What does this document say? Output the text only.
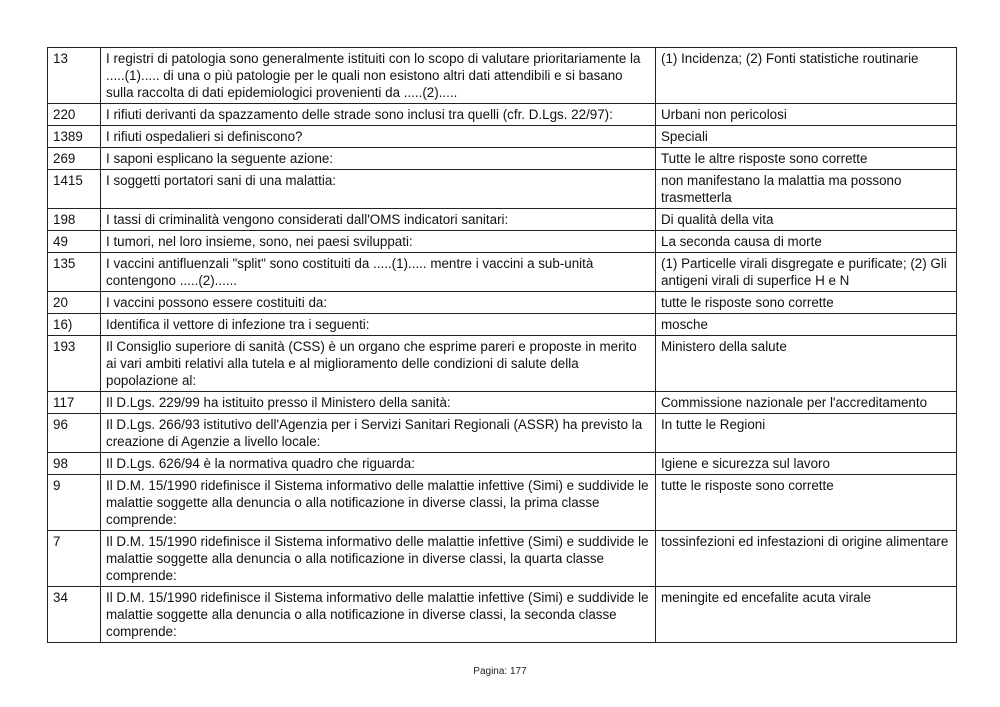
13	I registri di patologia sono generalmente istituiti con lo scopo di valutare prioritariamente la .....(1)..... di una o più patologie per le quali non esistono altri dati attendibili e si basano sulla raccolta di dati epidemiologici provenienti da .....(2).....	(1) Incidenza; (2) Fonti statistiche routinarie
220	I rifiuti derivanti da spazzamento delle strade sono inclusi tra quelli (cfr. D.Lgs. 22/97):	Urbani non pericolosi
1389	I rifiuti ospedalieri si definiscono?	Speciali
269	I saponi esplicano la seguente azione:	Tutte le altre risposte sono corrette
1415	I soggetti portatori sani di una malattia:	non manifestano la malattia ma possono trasmetterla
198	I tassi di criminalità vengono considerati dall'OMS indicatori sanitari:	Di qualità della vita
49	I tumori, nel loro insieme, sono, nei paesi sviluppati:	La seconda causa di morte
135	I vaccini antifluenzali "split" sono costituiti da .....(1)..... mentre i vaccini a sub-unità contengono .....(2)......	(1) Particelle virali disgregate e purificate; (2) Gli antigeni virali di superfice H e N
20	I vaccini possono essere costituiti da:	tutte le risposte sono corrette
16)	Identifica il vettore di infezione tra i seguenti:	mosche
193	Il Consiglio superiore di sanità (CSS) è un organo che esprime pareri e proposte in merito ai vari ambiti relativi alla tutela e al miglioramento delle condizioni di salute della popolazione al:	Ministero della salute
117	Il D.Lgs. 229/99 ha istituito presso il Ministero della sanità:	Commissione nazionale per l'accreditamento
96	Il D.Lgs. 266/93 istitutivo dell'Agenzia per i Servizi Sanitari Regionali (ASSR) ha previsto la creazione di Agenzie a livello locale:	In tutte le Regioni
98	Il D.Lgs. 626/94 è la normativa quadro che riguarda:	Igiene e sicurezza sul lavoro
9	Il D.M. 15/1990 ridefinisce il Sistema informativo delle malattie infettive (Simi) e suddivide le malattie soggette alla denuncia o alla notificazione in diverse classi, la prima classe comprende:	tutte le risposte sono corrette
7	Il D.M. 15/1990 ridefinisce il Sistema informativo delle malattie infettive (Simi) e suddivide le malattie soggette alla denuncia o alla notificazione in diverse classi, la quarta classe comprende:	tossinfezioni ed infestazioni di origine alimentare
34	Il D.M. 15/1990 ridefinisce il Sistema informativo delle malattie infettive (Simi) e suddivide le malattie soggette alla denuncia o alla notificazione in diverse classi, la seconda classe comprende:	meningite ed encefalite acuta virale
Pagina: 177
